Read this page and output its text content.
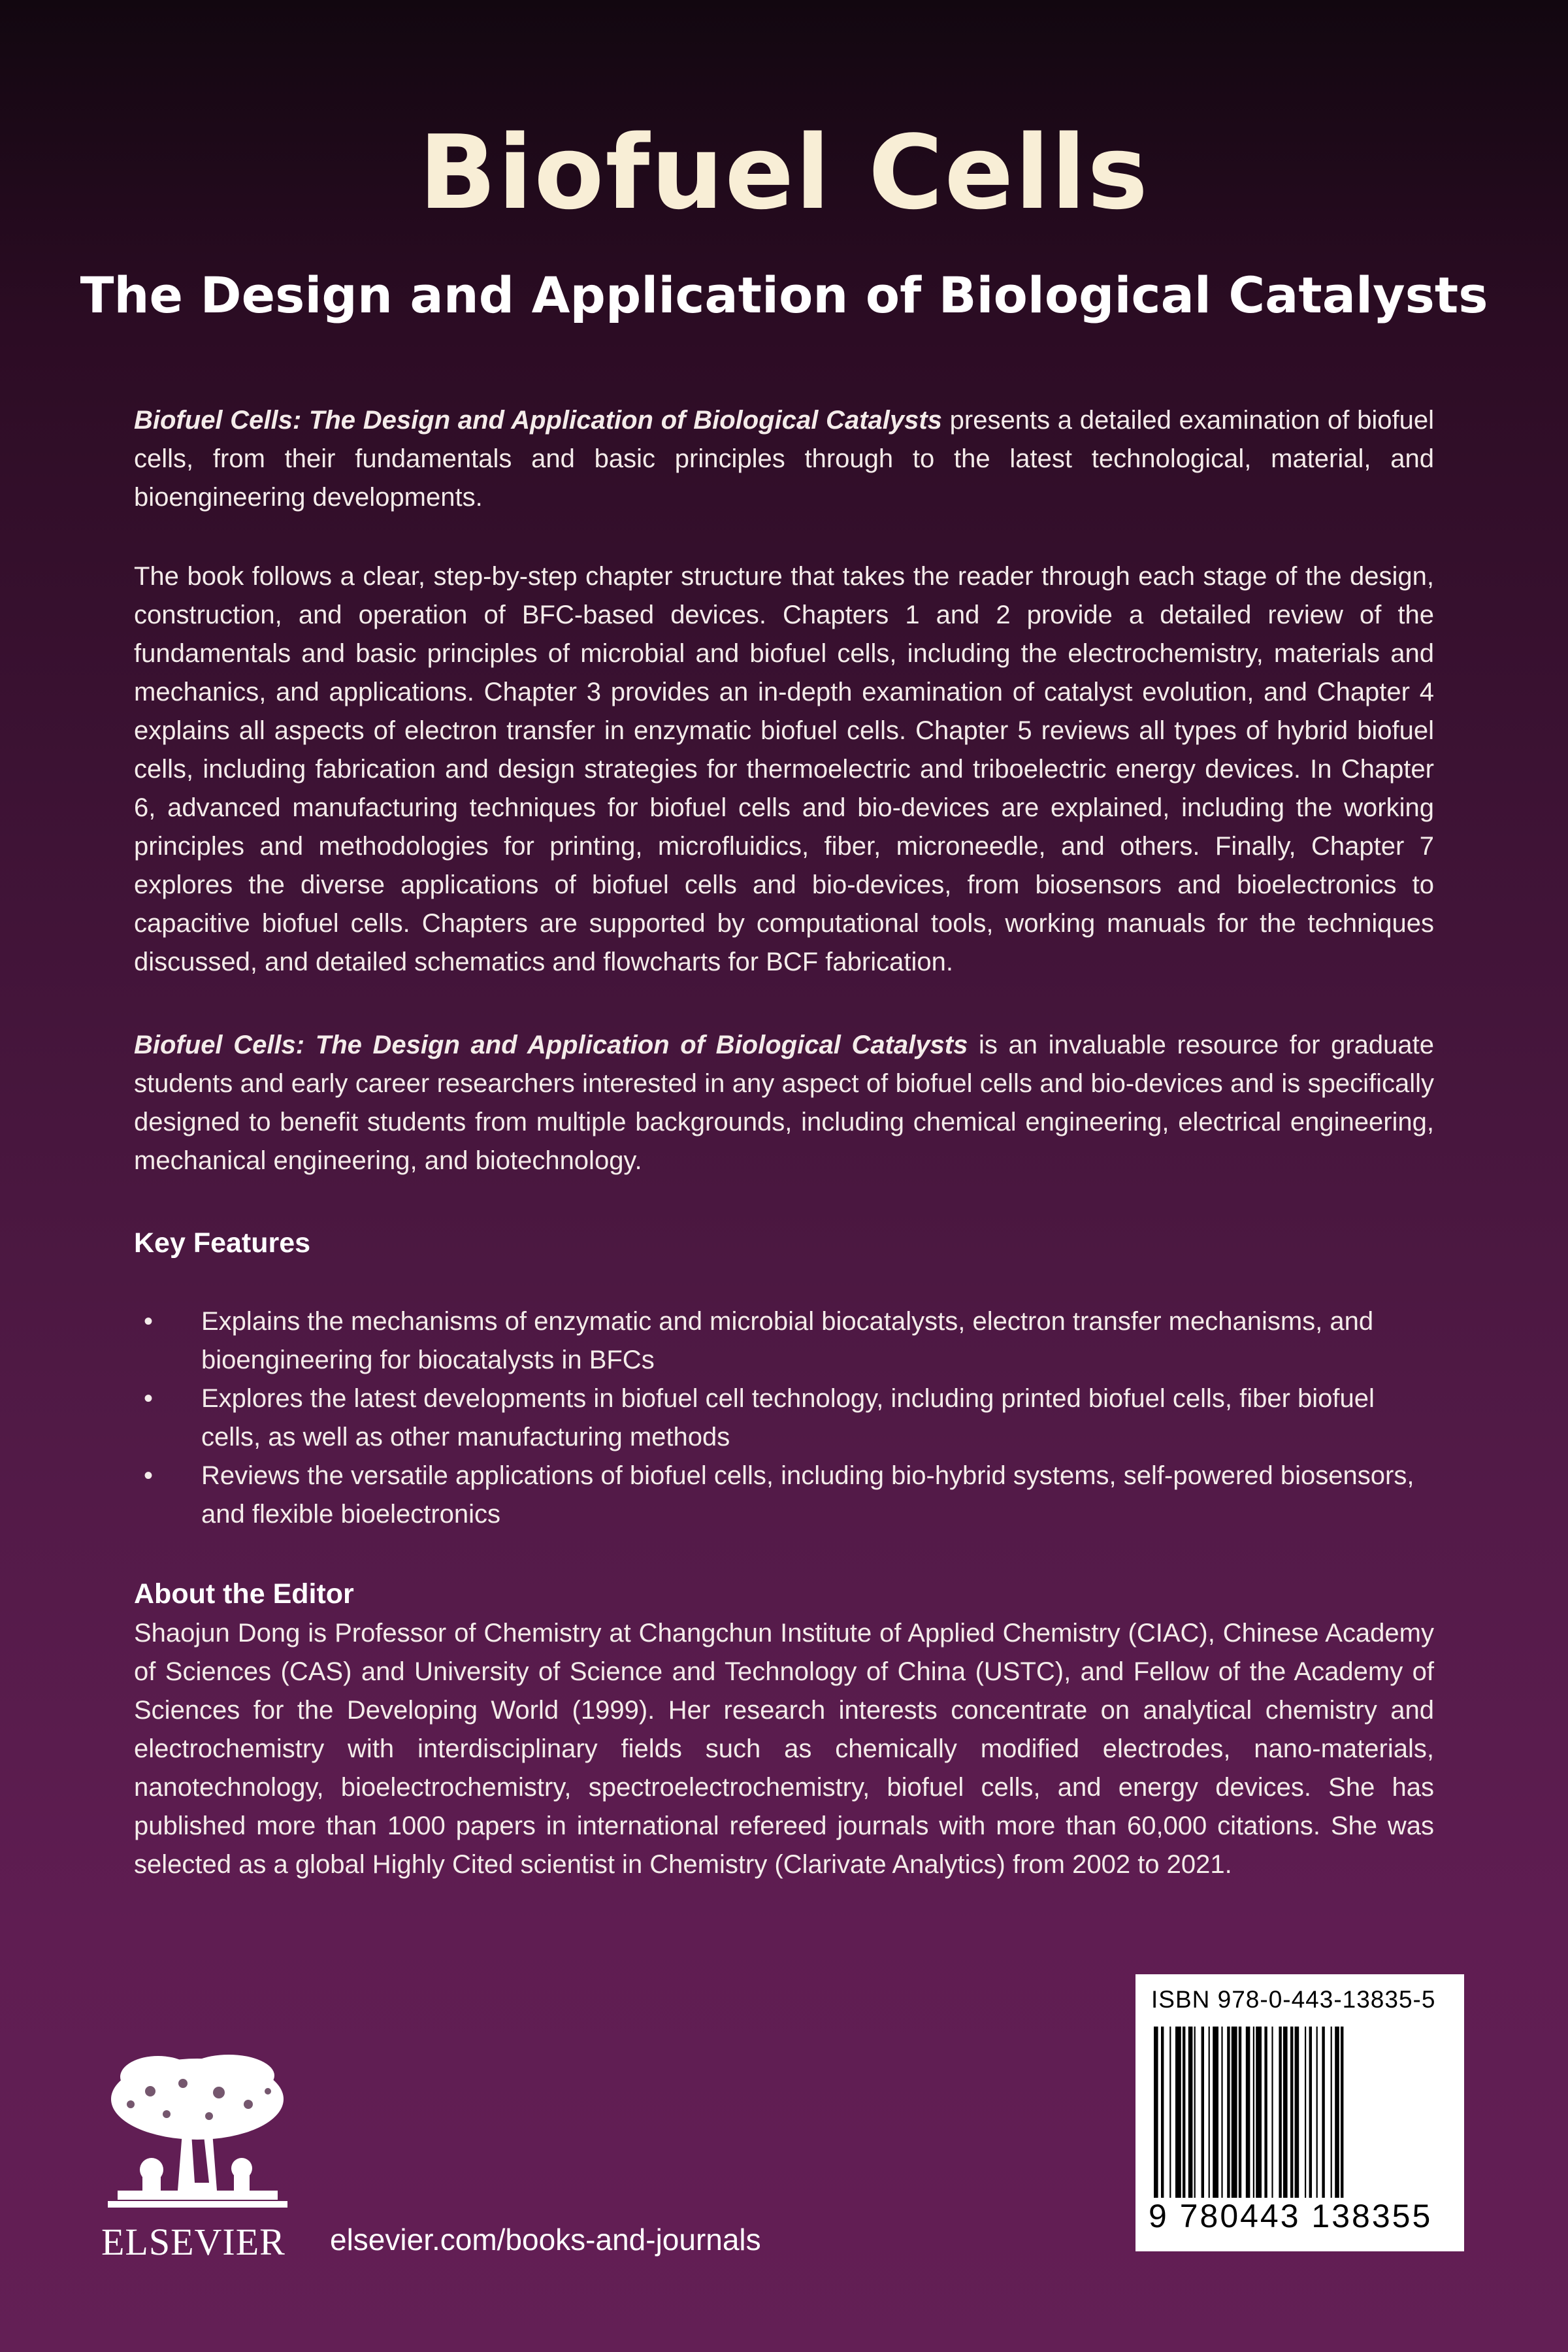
Biofuel Cells
The Design and Application of Biological Catalysts

Biofuel Cells: The Design and Application of Biological Catalysts presents a detailed examination of biofuel cells, from their fundamentals and basic principles through to the latest technological, material, and bioengineering developments.

The book follows a clear, step-by-step chapter structure that takes the reader through each stage of the design, construction, and operation of BFC-based devices. Chapters 1 and 2 provide a detailed review of the fundamentals and basic principles of microbial and biofuel cells, including the electrochemistry, materials and mechanics, and applications. Chapter 3 provides an in-depth examination of catalyst evolution, and Chapter 4 explains all aspects of electron transfer in enzymatic biofuel cells. Chapter 5 reviews all types of hybrid biofuel cells, including fabrication and design strategies for thermoelectric and triboelectric energy devices. In Chapter 6, advanced manufacturing techniques for biofuel cells and bio-devices are explained, including the working principles and methodologies for printing, microfluidics, fiber, microneedle, and others. Finally, Chapter 7 explores the diverse applications of biofuel cells and bio-devices, from biosensors and bioelectronics to capacitive biofuel cells. Chapters are supported by computational tools, working manuals for the techniques discussed, and detailed schematics and flowcharts for BCF fabrication.

Biofuel Cells: The Design and Application of Biological Catalysts is an invaluable resource for graduate students and early career researchers interested in any aspect of biofuel cells and bio-devices and is specifically designed to benefit students from multiple backgrounds, including chemical engineering, electrical engineering, mechanical engineering, and biotechnology.

Key Features
• Explains the mechanisms of enzymatic and microbial biocatalysts, electron transfer mechanisms, and bioengineering for biocatalysts in BFCs
• Explores the latest developments in biofuel cell technology, including printed biofuel cells, fiber biofuel cells, as well as other manufacturing methods
• Reviews the versatile applications of biofuel cells, including bio-hybrid systems, self-powered biosensors, and flexible bioelectronics
About the Editor

Shaojun Dong is Professor of Chemistry at Changchun Institute of Applied Chemistry (CIAC), Chinese Academy of Sciences (CAS) and University of Science and Technology of China (USTC), and Fellow of the Academy of Sciences for the Developing World (1999). Her research interests concentrate on analytical chemistry and electrochemistry with interdisciplinary fields such as chemically modified electrodes, nano-materials, nanotechnology, bioelectrochemistry, spectroelectrochemistry, biofuel cells, and energy devices. She has published more than 1000 papers in international refereed journals with more than 60,000 citations. She was selected as a global Highly Cited scientist in Chemistry (Clarivate Analytics) from 2002 to 2021.

ISBN 978-0-443-13835-5
9 780443 138355
ELSEVIER elsevier.com/books-and-journals
